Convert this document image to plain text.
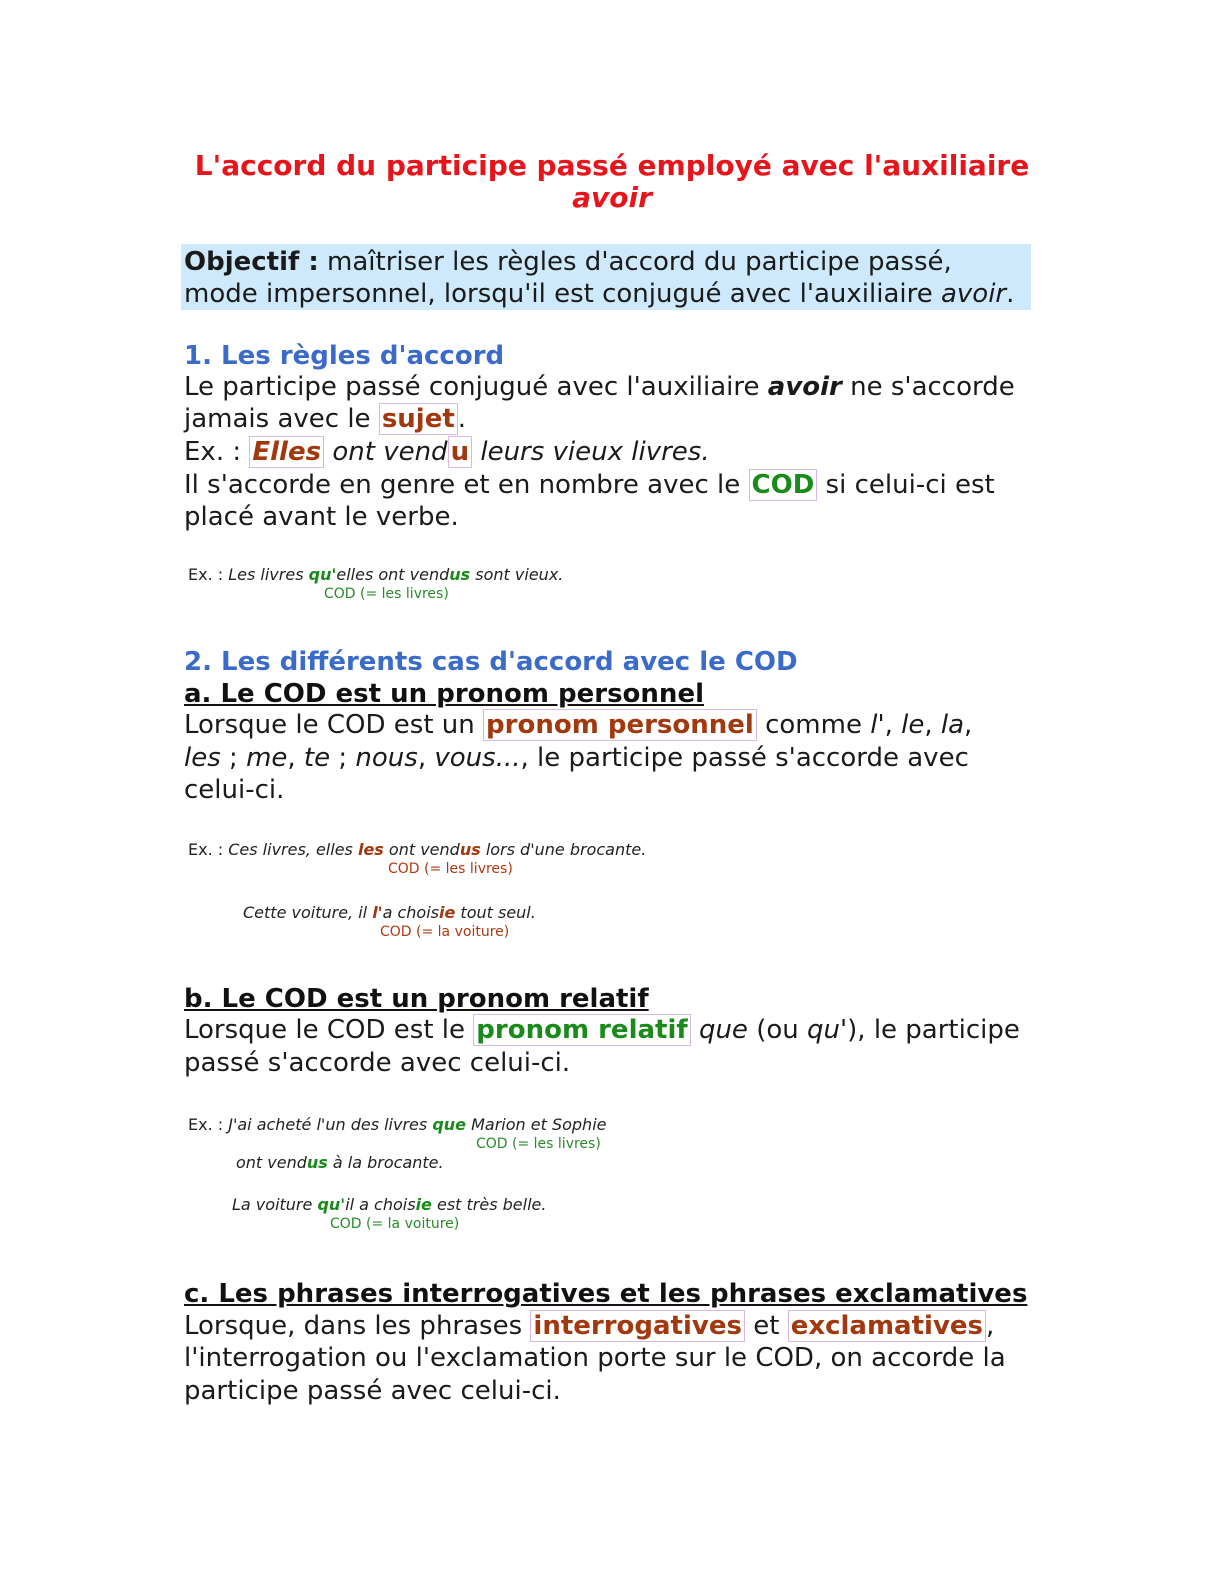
L'accord du participe passé employé avec l'auxiliaire
avoir
Objectif : maîtriser les règles d'accord du participe passé,
mode impersonnel, lorsqu'il est conjugué avec l'auxiliaire avoir.
1. Les règles d'accord
Le participe passé conjugué avec l'auxiliaire avoir ne s'accorde
jamais avec le sujet .
Ex. : Elles ont vend u leurs vieux livres.
Il s'accorde en genre et en nombre avec le COD si celui-ci est
placé avant le verbe.
Ex. : Les livres qu'elles ont vendus sont vieux.
COD (= les livres)
2. Les différents cas d'accord avec le COD
a. Le COD est un pronom personnel
Lorsque le COD est un pronom personnel comme l', le, la,
les ; me, te ; nous, vous..., le participe passé s'accorde avec
celui-ci.
Ex. : Ces livres, elles les ont vendus lors d'une brocante.
COD (= les livres)
Cette voiture, il l'a choisie tout seul.
COD (= la voiture)
b. Le COD est un pronom relatif
Lorsque le COD est le pronom relatif que (ou qu'), le participe
passé s'accorde avec celui-ci.
Ex. : J'ai acheté l'un des livres que Marion et Sophie
COD (= les livres)
ont vendus à la brocante.
La voiture qu'il a choisie est très belle.
COD (= la voiture)
c. Les phrases interrogatives et les phrases exclamatives
Lorsque, dans les phrases interrogatives et exclamatives ,
l'interrogation ou l'exclamation porte sur le COD, on accorde la
participe passé avec celui-ci.
